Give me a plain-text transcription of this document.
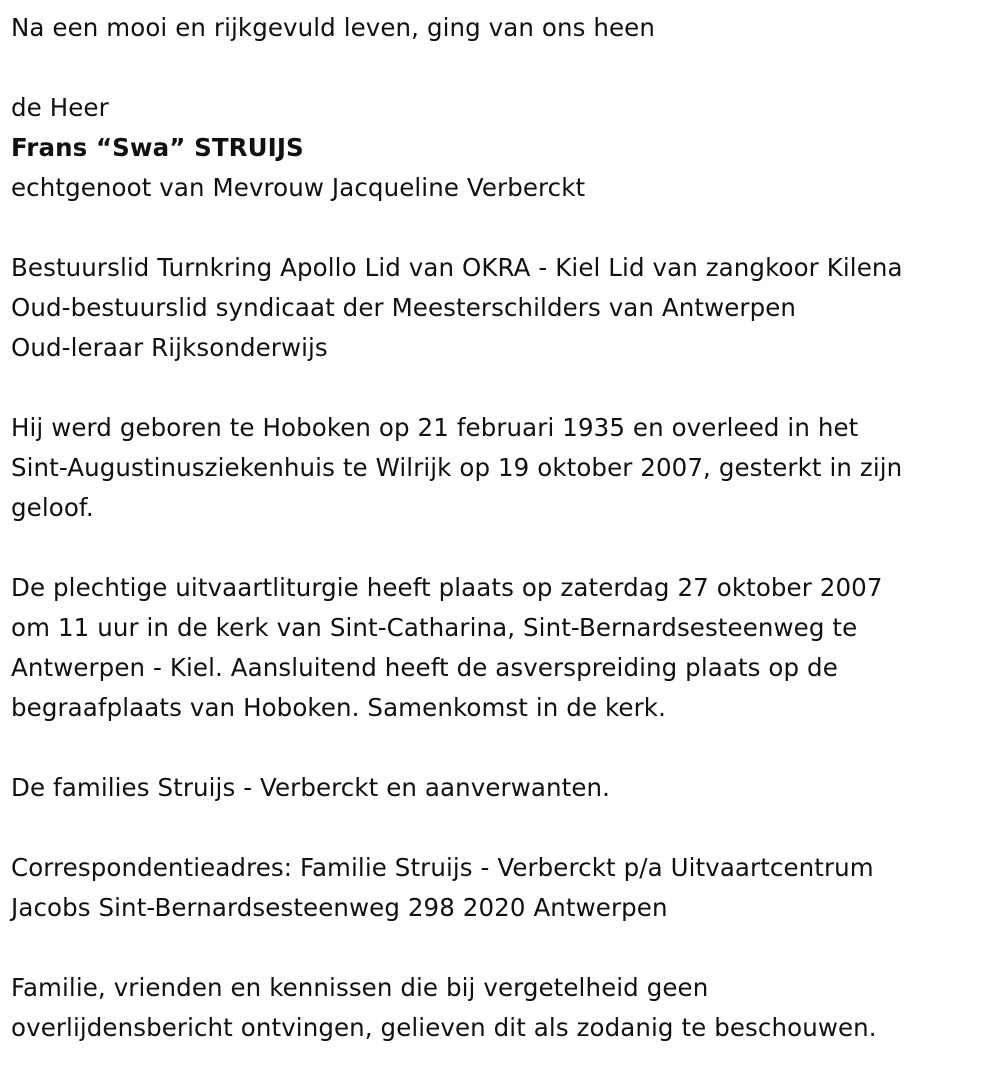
Na een mooi en rijkgevuld leven, ging van ons heen
de Heer
Frans “Swa” STRUIJS
echtgenoot van Mevrouw Jacqueline Verberckt
Bestuurslid Turnkring Apollo Lid van OKRA - Kiel Lid van zangkoor Kilena
Oud-bestuurslid syndicaat der Meesterschilders van Antwerpen
Oud-leraar Rijksonderwijs
Hij werd geboren te Hoboken op 21 februari 1935 en overleed in het
Sint-Augustinusziekenhuis te Wilrijk op 19 oktober 2007, gesterkt in zijn
geloof.
De plechtige uitvaartliturgie heeft plaats op zaterdag 27 oktober 2007
om 11 uur in de kerk van Sint-Catharina, Sint-Bernardsesteenweg te
Antwerpen - Kiel. Aansluitend heeft de asverspreiding plaats op de
begraafplaats van Hoboken. Samenkomst in de kerk.
De families Struijs - Verberckt en aanverwanten.
Correspondentieadres: Familie Struijs - Verberckt p/a Uitvaartcentrum
Jacobs Sint-Bernardsesteenweg 298 2020 Antwerpen
Familie, vrienden en kennissen die bij vergetelheid geen
overlijdensbericht ontvingen, gelieven dit als zodanig te beschouwen.
